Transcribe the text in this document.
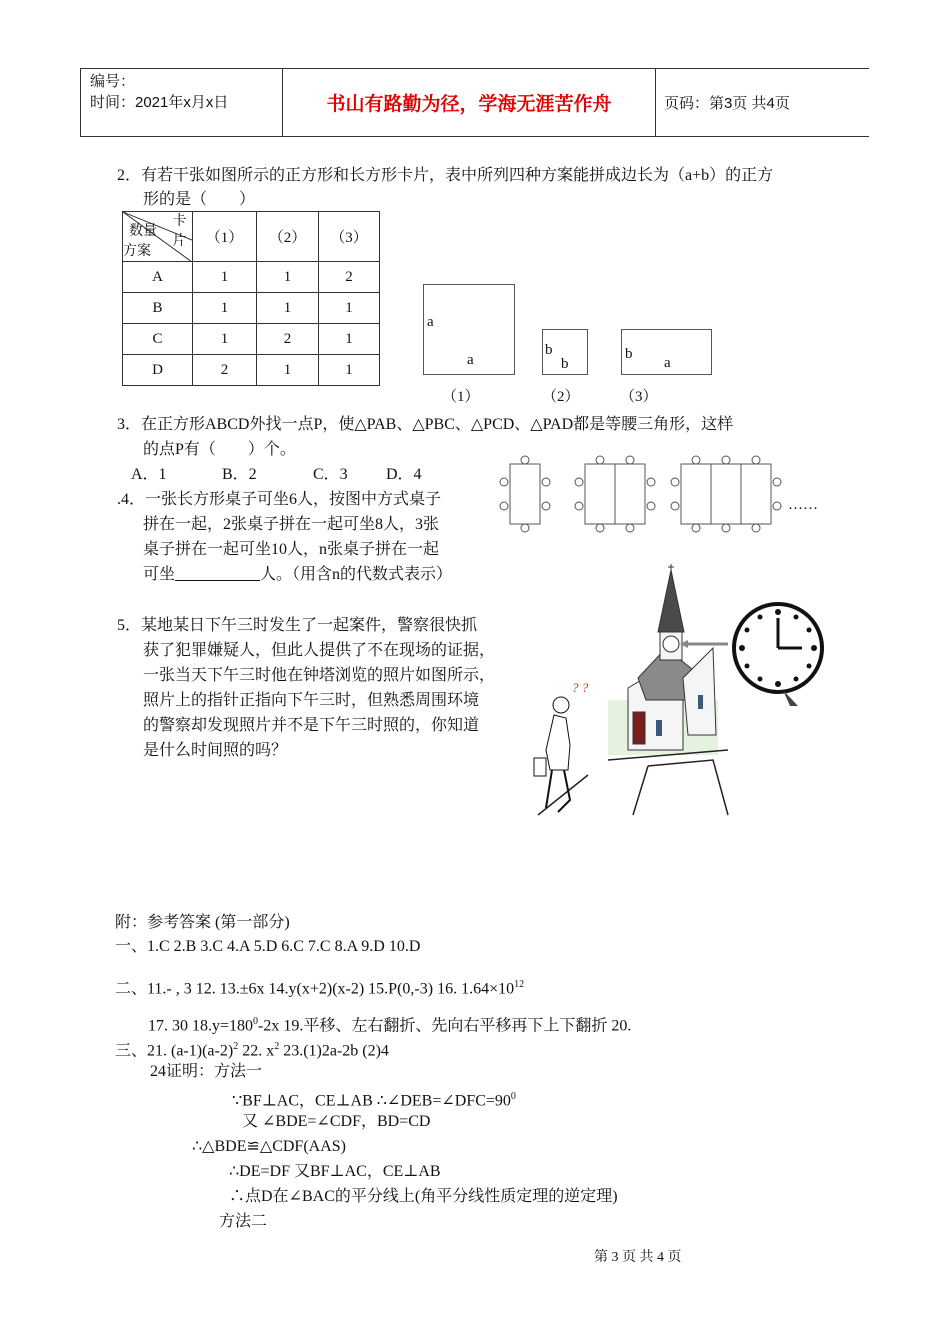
编号：
时间：2021年x月x日	书山有路勤为径，学海无涯苦作舟	页码：第3页 共4页
2．有若干张如图所示的正方形和长方形卡片，表中所列四种方案能拼成边长为（a+b）的正方
形的是（　　）
卡片
数量
方案	（1）	（2）	（3）
A	1	1	2
B	1	1	1
C	1	2	1
D	2	1	1
a
a
（1）
b
b
（2）
b
a
（3）
3．在正方形ABCD外找一点P，使△PAB、△PBC、△PCD、△PAD都是等腰三角形，这样
的点P有（　　）个。
A．1	B．2	C．3 D．4
.4．一张长方形桌子可坐6人，按图中方式桌子
拼在一起，2张桌子拼在一起可坐8人，3张
桌子拼在一起可坐10人，n张桌子拼在一起
可坐	人。（用含n的代数式表示）
……
5．某地某日下午三时发生了一起案件，警察很快抓
获了犯罪嫌疑人，但此人提供了不在现场的证据，
一张当天下午三时他在钟塔浏览的照片如图所示，
照片上的指针正指向下午三时，但熟悉周围环境
的警察却发现照片并不是下午三时照的，你知道
是什么时间照的吗？
? ?
附：参考答案 (第一部分)
一、1.C 2.B 3.C 4.A 5.D 6.C 7.C 8.A 9.D 10.D
二、11.- , 3 12. 13.±6x 14.y(x+2)(x-2) 15.P(0,-3) 16. $1.64\times 10^{12}$
17. 30 $18.y=180^0-2x$ 19.平移、左右翻折、先向右平移再下上下翻折 20.
三、21. $(a-1)(a-2)^2$ 22. $x^2$ 23.(1)2a-2b (2)4
24证明：方法一
∵BF⊥AC，CE⊥AB $\therefore\angle DEB=\angle DFC=90^0$
又 ∠BDE=∠CDF，BD=CD
∴△BDE≌△CDF(AAS)
∴DE=DF 又BF⊥AC，CE⊥AB
∴点D在∠BAC的平分线上(角平分线性质定理的逆定理)
方法二
第 3 页 共 4 页
